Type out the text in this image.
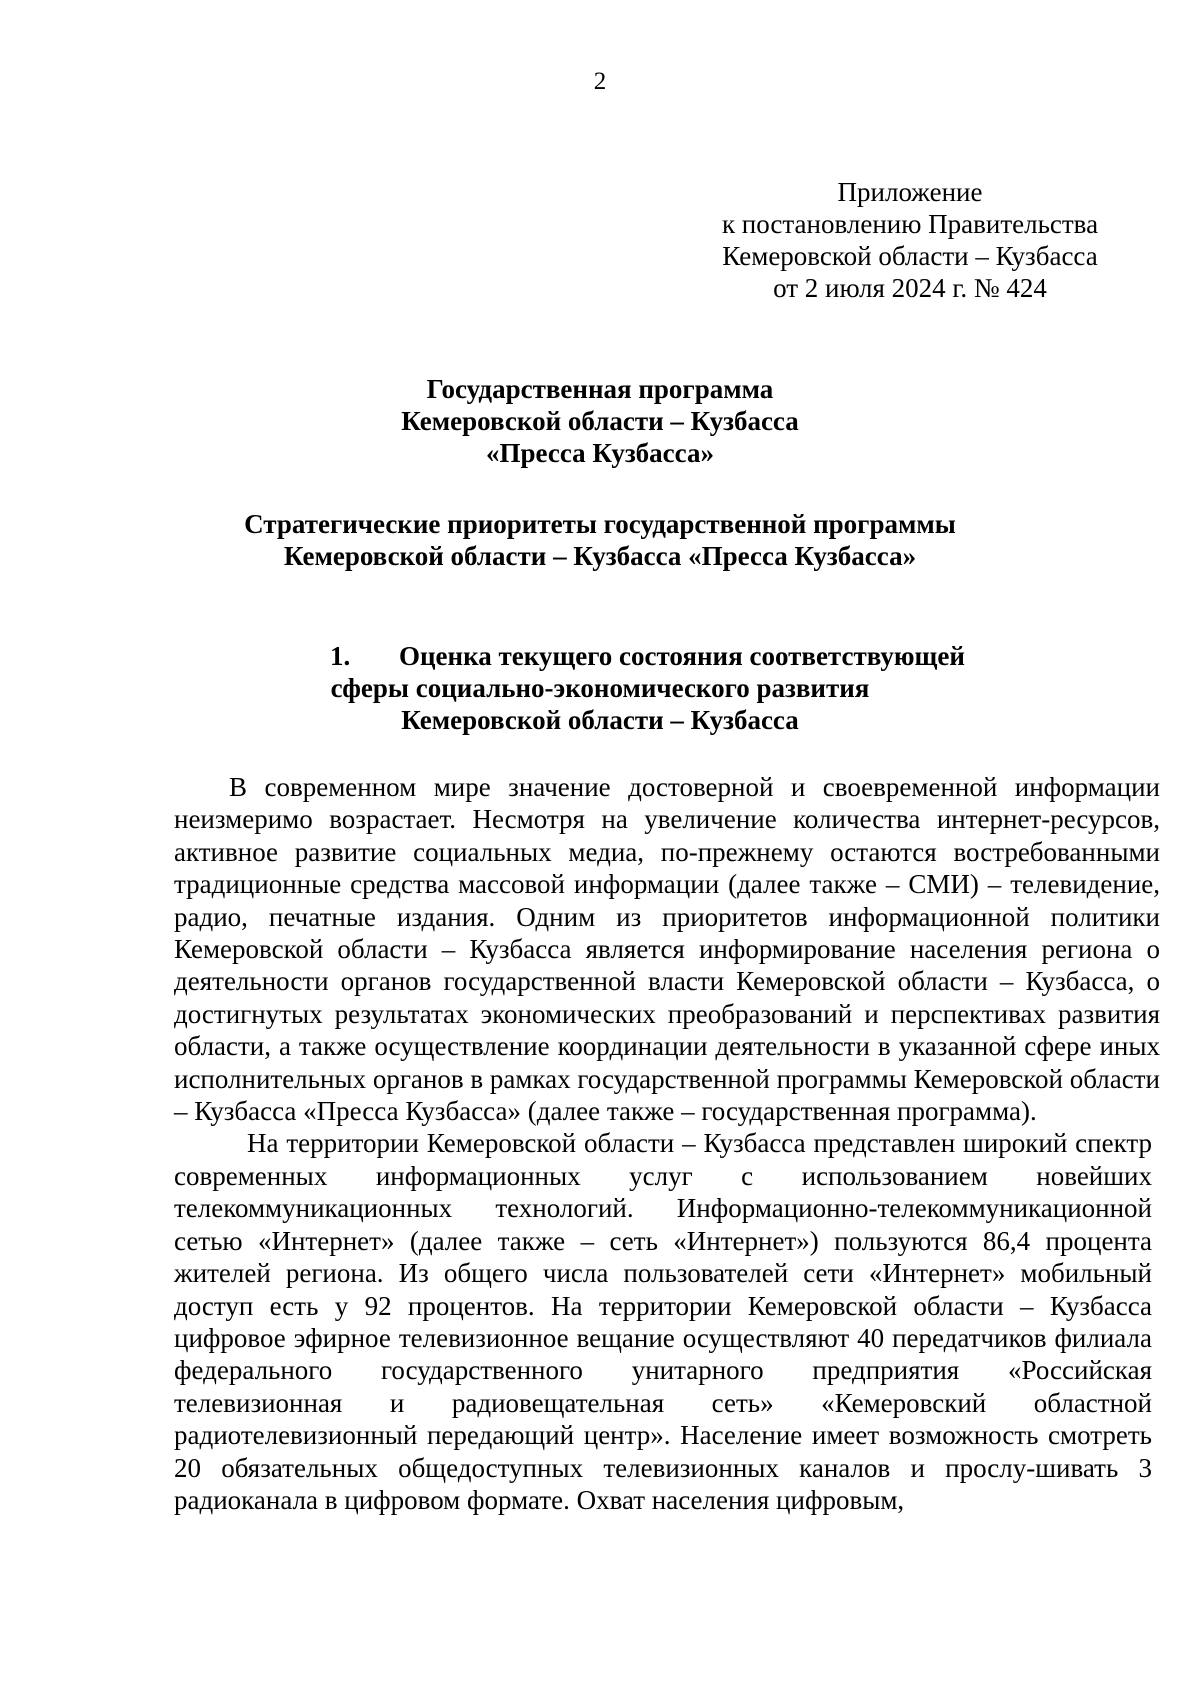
2
Приложение
к постановлению Правительства
Кемеровской области – Кузбасса
от 2 июля 2024 г. № 424
Государственная программа
Кемеровской области – Кузбасса
«Пресса Кузбасса»
Стратегические приоритеты государственной программы
Кемеровской области – Кузбасса «Пресса Кузбасса»
1. Оценка текущего состояния соответствующей
сферы социально-экономического развития
Кемеровской области – Кузбасса

В современном мире значение достоверной и своевременной информации неизмеримо возрастает. Несмотря на увеличение количества интернет-ресурсов, активное развитие социальных медиа, по-прежнему остаются востребованными традиционные средства массовой информации (далее также – СМИ) – телевидение, радио, печатные издания. Одним из приоритетов информационной политики Кемеровской области – Кузбасса является информирование населения региона о деятельности органов государственной власти Кемеровской области – Кузбасса, о достигнутых результатах экономических преобразований и перспективах развития области, а также осуществление координации деятельности в указанной сфере иных исполнительных органов в рамках государственной программы Кемеровской области – Кузбасса «Пресса Кузбасса» (далее также – государственная программа).

На территории Кемеровской области – Кузбасса представлен широкий спектр современных информационных услуг с использованием новейших телекоммуникационных технологий. Информационно-телекоммуникационной сетью «Интернет» (далее также – сеть «Интернет») пользуются 86,4 процента жителей региона. Из общего числа пользователей сети «Интернет» мобильный доступ есть у 92 процентов. На территории Кемеровской области – Кузбасса цифровое эфирное телевизионное вещание осуществляют 40 передатчиков филиала федерального государственного унитарного предприятия «Российская телевизионная и радиовещательная сеть» «Кемеровский областной радиотелевизионный передающий центр». Население имеет возможность смотреть 20 обязательных общедоступных телевизионных каналов и прослу-шивать 3 радиоканала в цифровом формате. Охват населения цифровым,
